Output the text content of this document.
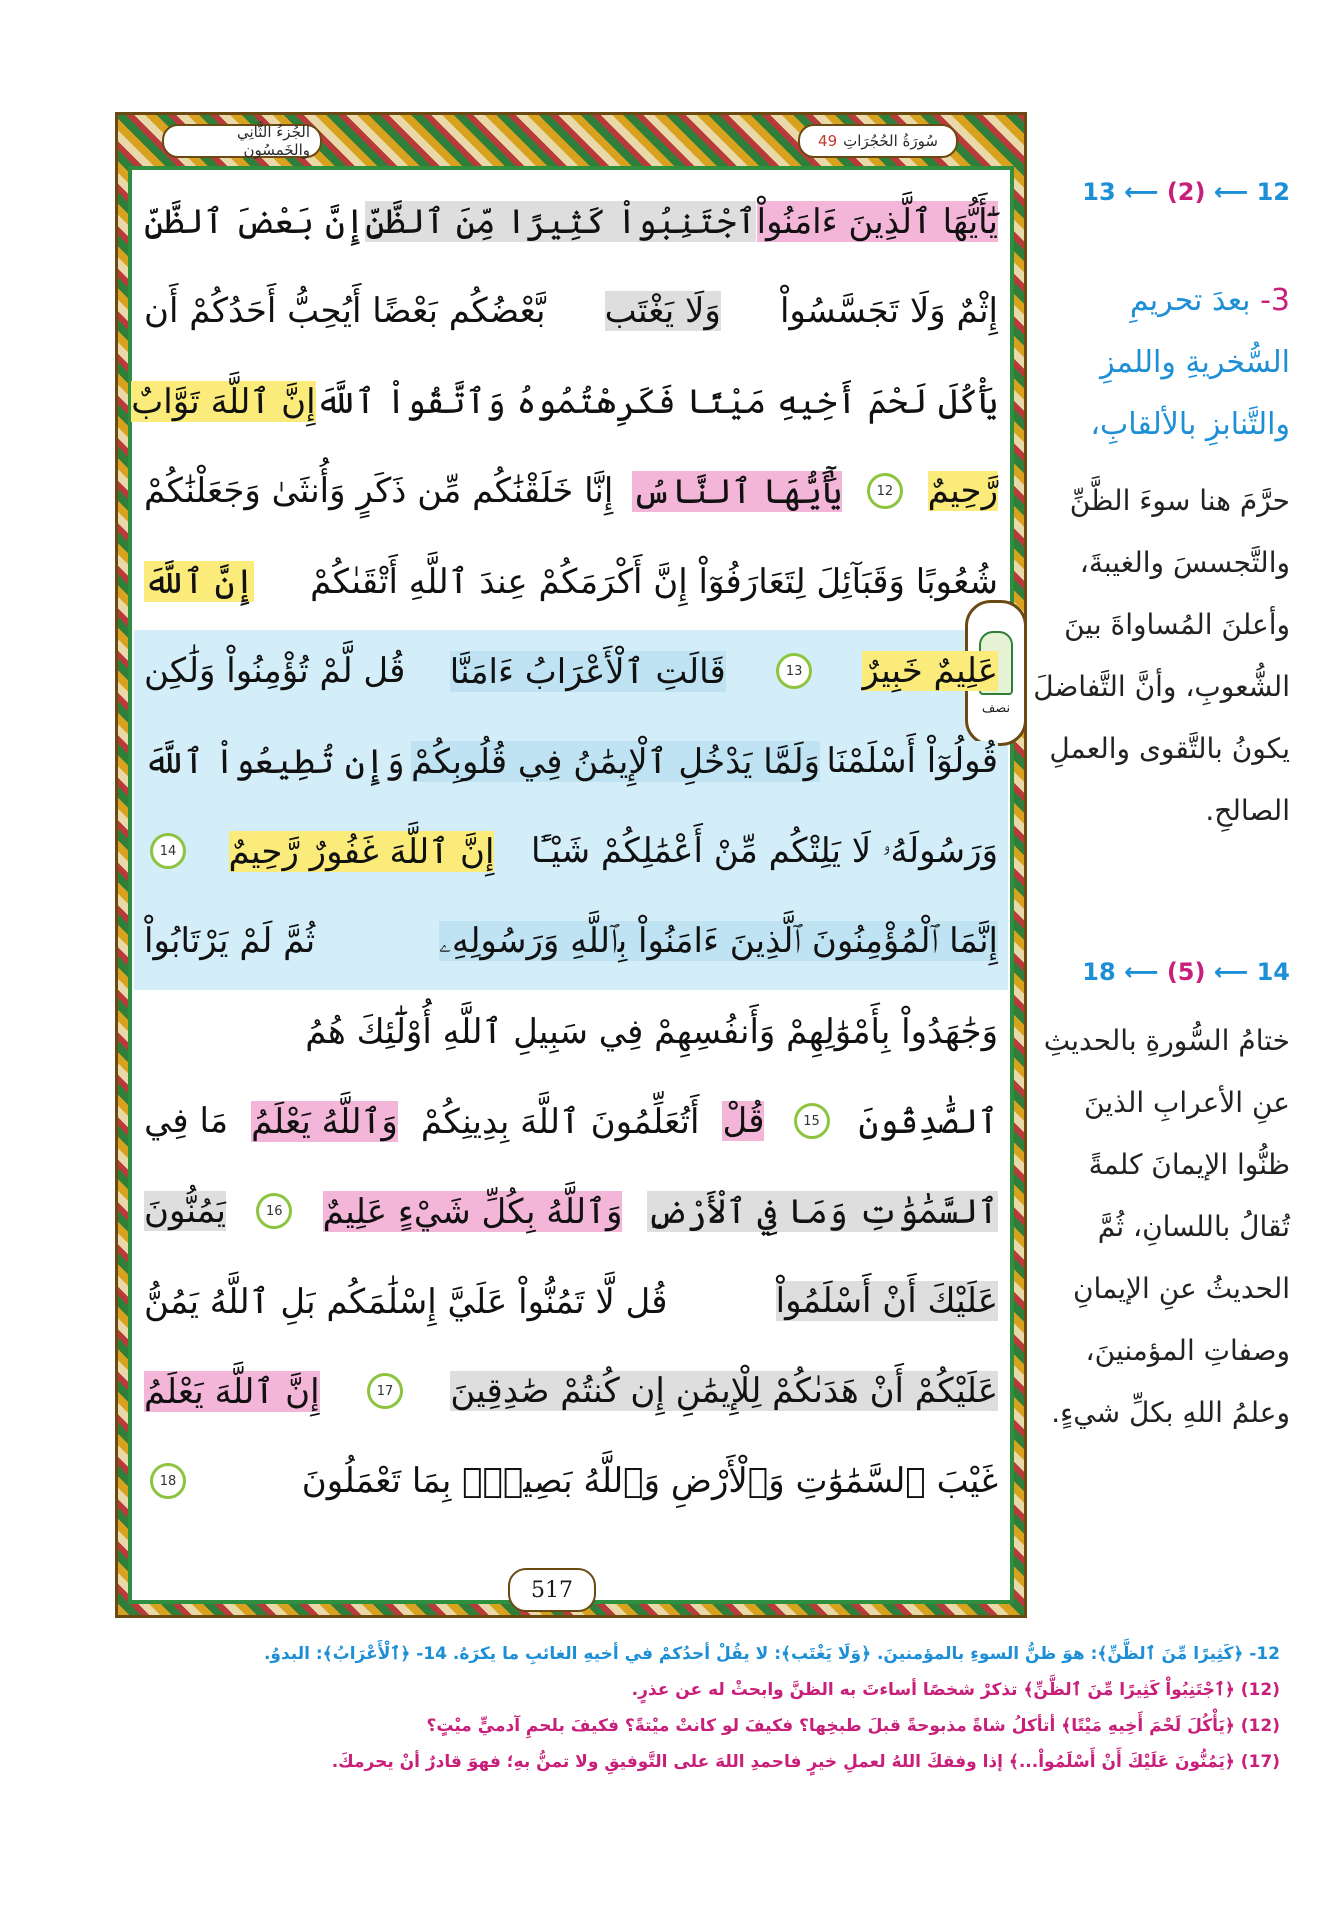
سُورَةُ الحُجُرَاتِ
49
الجُزءُ الثَّانِي والخَمسُون
يَٰٓأَيُّهَا ٱلَّذِينَ ءَامَنُواْ
ٱجْتَنِبُواْ كَثِيرًا مِّنَ ٱلظَّنِّ
إِنَّ بَعْضَ ٱلظَّنِّ
إِثْمٌ وَلَا تَجَسَّسُواْ
وَلَا يَغْتَب
بَّعْضُكُم بَعْضًا أَيُحِبُّ أَحَدُكُمْ أَن
يَأْكُلَ لَحْمَ أَخِيهِ مَيْتًا فَكَرِهْتُمُوهُ وَٱتَّقُواْ ٱللَّهَ
إِنَّ ٱللَّهَ تَوَّابٌ
رَّحِيمٌ
12
يَٰٓأَيُّهَا ٱلنَّاسُ
إِنَّا خَلَقْنَٰكُم مِّن ذَكَرٍ وَأُنثَىٰ وَجَعَلْنَٰكُمْ
شُعُوبًا وَقَبَآئِلَ لِتَعَارَفُوٓاْ إِنَّ أَكْرَمَكُمْ عِندَ ٱللَّهِ أَتْقَىٰكُمْ
إِنَّ ٱللَّهَ
عَلِيمٌ خَبِيرٌ
13
قَالَتِ ٱلْأَعْرَابُ ءَامَنَّا
قُل لَّمْ تُؤْمِنُواْ وَلَٰكِن
قُولُوٓاْ أَسْلَمْنَا
وَلَمَّا يَدْخُلِ ٱلْإِيمَٰنُ فِي قُلُوبِكُمْ
وَإِن تُطِيعُواْ ٱللَّهَ
وَرَسُولَهُۥ لَا يَلِتْكُم مِّنْ أَعْمَٰلِكُمْ شَيْـًٔا
إِنَّ ٱللَّهَ غَفُورٌ رَّحِيمٌ
14
إِنَّمَا ٱلْمُؤْمِنُونَ ٱلَّذِينَ ءَامَنُواْ بِٱللَّهِ وَرَسُولِهِۦ
ثُمَّ لَمْ يَرْتَابُواْ
وَجَٰهَدُواْ بِأَمْوَٰلِهِمْ وَأَنفُسِهِمْ فِي سَبِيلِ ٱللَّهِ أُوْلَٰٓئِكَ هُمُ
ٱلصَّٰدِقُونَ
15
قُلْ
أَتُعَلِّمُونَ ٱللَّهَ بِدِينِكُمْ
وَٱللَّهُ يَعْلَمُ
مَا فِي
ٱلسَّمَٰوَٰتِ وَمَا فِي ٱلْأَرْضِ
وَٱللَّهُ بِكُلِّ شَيْءٍ عَلِيمٌ
16
يَمُنُّونَ
عَلَيْكَ أَنْ أَسْلَمُواْ
قُل لَّا تَمُنُّواْ عَلَيَّ إِسْلَٰمَكُم بَلِ ٱللَّهُ يَمُنُّ
عَلَيْكُمْ أَنْ هَدَىٰكُمْ لِلْإِيمَٰنِ إِن كُنتُمْ صَٰدِقِينَ
17
إِنَّ ٱللَّهَ يَعْلَمُ
غَيْبَ ٱلسَّمَٰوَٰتِ وَٱلْأَرْضِ وَٱللَّهُ بَصِيرٌۢ بِمَا تَعْمَلُونَ
18
517
نصف
12 ⟵ (2) ⟵ 13
3- بعدَ تحريمِ السُّخريةِ واللمزِ والتَّنابزِ بالألقابِ،
حرَّمَ هنا سوءَ الظَّنِّ والتَّجسسَ والغيبةَ، وأعلنَ المُساواةَ بينَ الشُّعوبِ، وأنَّ التَّفاضلَ يكونُ بالتَّقوى والعملِ الصالحِ.
14 ⟵ (5) ⟵ 18
ختامُ السُّورةِ بالحديثِ عنِ الأعرابِ الذينَ ظنُّوا الإيمانَ كلمةً تُقالُ باللسانِ، ثُمَّ الحديثُ عنِ الإيمانِ وصفاتِ المؤمنينَ، وعلمُ اللهِ بكلِّ شيءٍ.
12- ﴿كَثِيرًا مِّنَ ٱلظَّنِّ﴾: هوَ ظنُّ السوءِ بالمؤمنينَ. ﴿وَلَا يَغْتَب﴾: لا يقُلْ أحدُكمْ في أخيهِ الغائبِ ما يكرَهُ. 14- ﴿ٱلْأَعْرَابُ﴾: البدوُ.
(12) ﴿ٱجْتَنِبُواْ كَثِيرًا مِّنَ ٱلظَّنِّ﴾ تذكرْ شخصًا أساءتَ به الظنَّ وابحثْ له عن عذرٍ.
(12) ﴿يَأْكُلَ لَحْمَ أَخِيهِ مَيْتًا﴾ أتأكلُ شاةً مذبوحةً قبلَ طبخِها؟ فكيفَ لو كانتْ ميْتةً؟ فكيفَ بلحمِ آدميٍّ ميْتٍ؟
(17) ﴿يَمُنُّونَ عَلَيْكَ أَنْ أَسْلَمُواْ...﴾ إذا وفقكَ اللهُ لعملِ خيرٍ فاحمدِ اللهَ على التَّوفيقِ ولا تمنُّ بهِ؛ فهوَ قادرٌ أنْ يحرمكَ.
